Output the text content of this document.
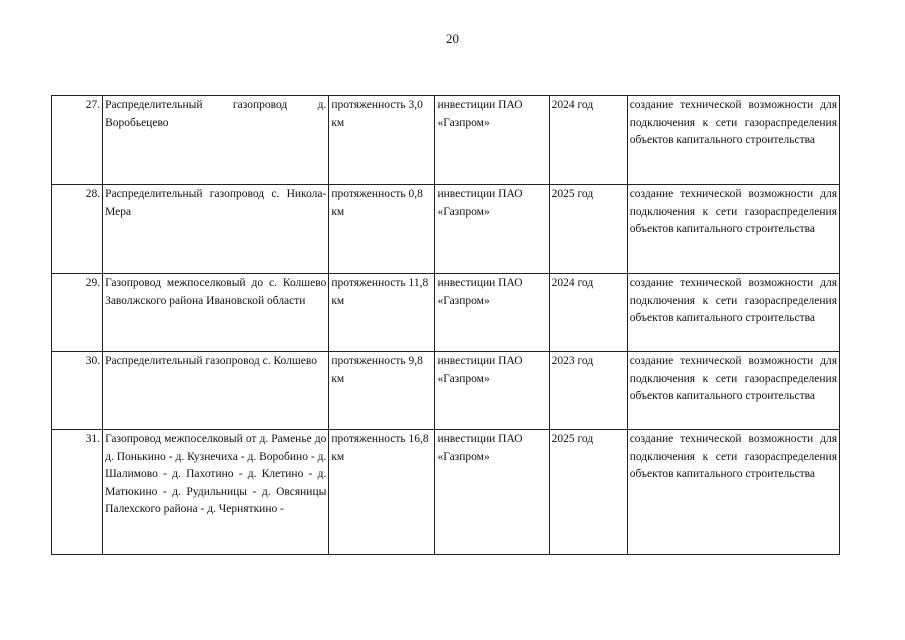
20
27.	Распределительный газопровод д. Воробьецево	протяженность 3,0 км	инвестиции ПАО «Газпром»	2024 год	создание технической возможности для подключения к сети газораспределения объектов капитального строительства
28.	Распределительный газопровод с. Никола-Мера	протяженность 0,8 км	инвестиции ПАО «Газпром»	2025 год	создание технической возможности для подключения к сети газораспределения объектов капитального строительства
29.	Газопровод межпоселковый до с. Колшево Заволжского района Ивановской области	протяженность 11,8 км	инвестиции ПАО «Газпром»	2024 год	создание технической возможности для подключения к сети газораспределения объектов капитального строительства
30.	Распределительный газопровод с. Колшево	протяженность 9,8 км	инвестиции ПАО «Газпром»	2023 год	создание технической возможности для подключения к сети газораспределения объектов капитального строительства
31.	Газопровод межпоселковый от д. Раменье до д. Понькино - д. Кузнечиха - д. Воробино - д. Шалимово - д. Пахотино - д. Клетино - д. Матюкино - д. Рудильницы - д. Овсяницы Палехского района - д. Черняткино -	протяженность 16,8 км	инвестиции ПАО «Газпром»	2025 год	создание технической возможности для подключения к сети газораспределения объектов капитального строительства
